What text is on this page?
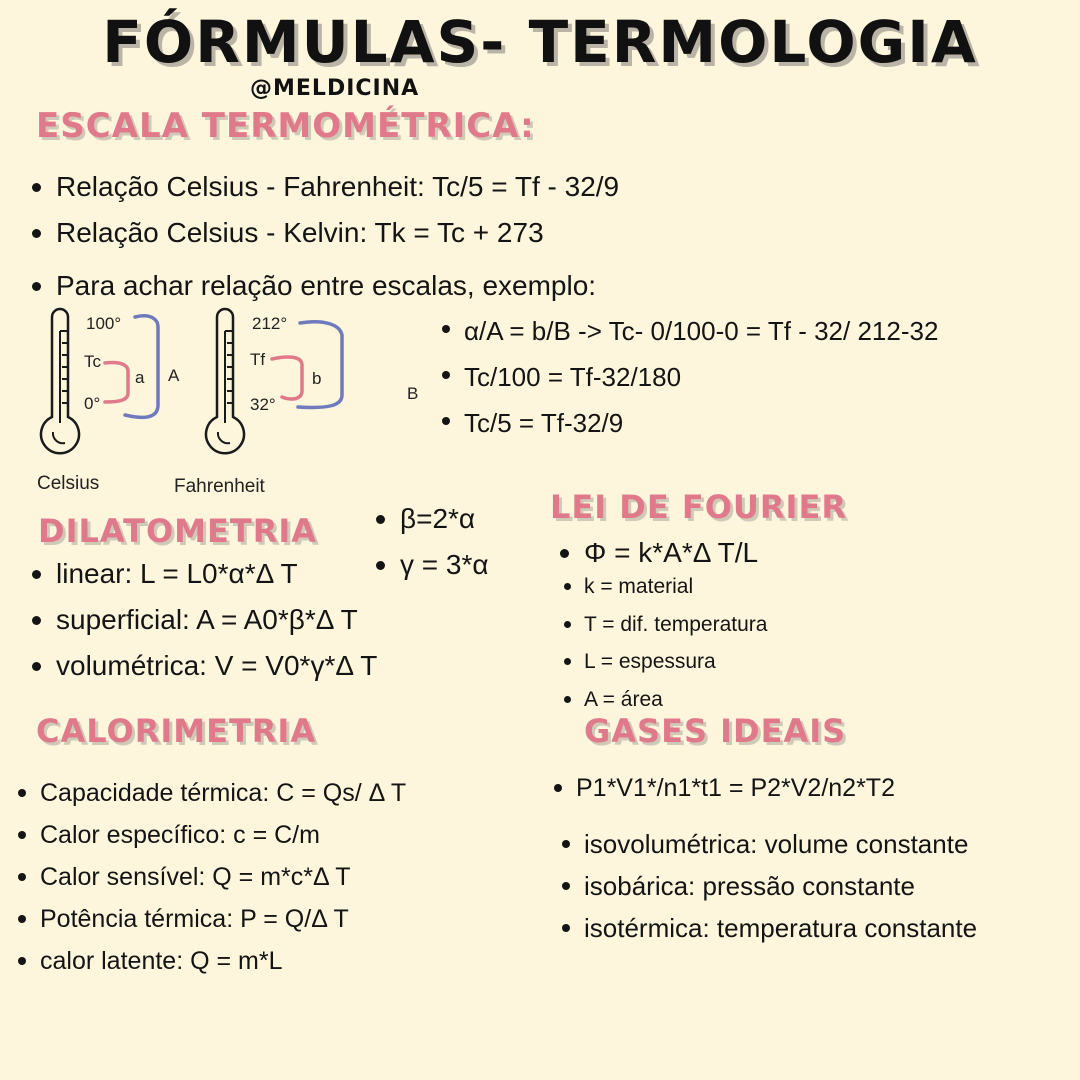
FÓRMULAS- TERMOLOGIA
@MELDICINA
ESCALA TERMOMÉTRICA:
Relação Celsius - Fahrenheit: Tc/5 = Tf - 32/9
Relação Celsius - Kelvin: Tk = Tc + 273
Para achar relação entre escalas, exemplo:
100°
Tc
0°
a A
Celsius
212°
Tf
32°
b
B
Fahrenheit
α/A = b/B -> Tc- 0/100-0 = Tf - 32/ 212-32
Tc/100 = Tf-32/180
Tc/5 = Tf-32/9
DILATOMETRIA
linear: L = L0*α*Δ T
superficial: A = A0*β*Δ T
volumétrica: V = V0*γ*Δ T
β=2*α
γ = 3*α
LEI DE FOURIER
Φ = k*A*Δ T/L
k = material
T = dif. temperatura
L = espessura
A = área
CALORIMETRIA
Capacidade térmica: C = Qs/ Δ T
Calor específico: c = C/m
Calor sensível: Q = m*c*Δ T
Potência térmica: P = Q/Δ T
calor latente: Q = m*L
GASES IDEAIS
P1*V1*/n1*t1 = P2*V2/n2*T2
isovolumétrica: volume constante
isobárica: pressão constante
isotérmica: temperatura constante
